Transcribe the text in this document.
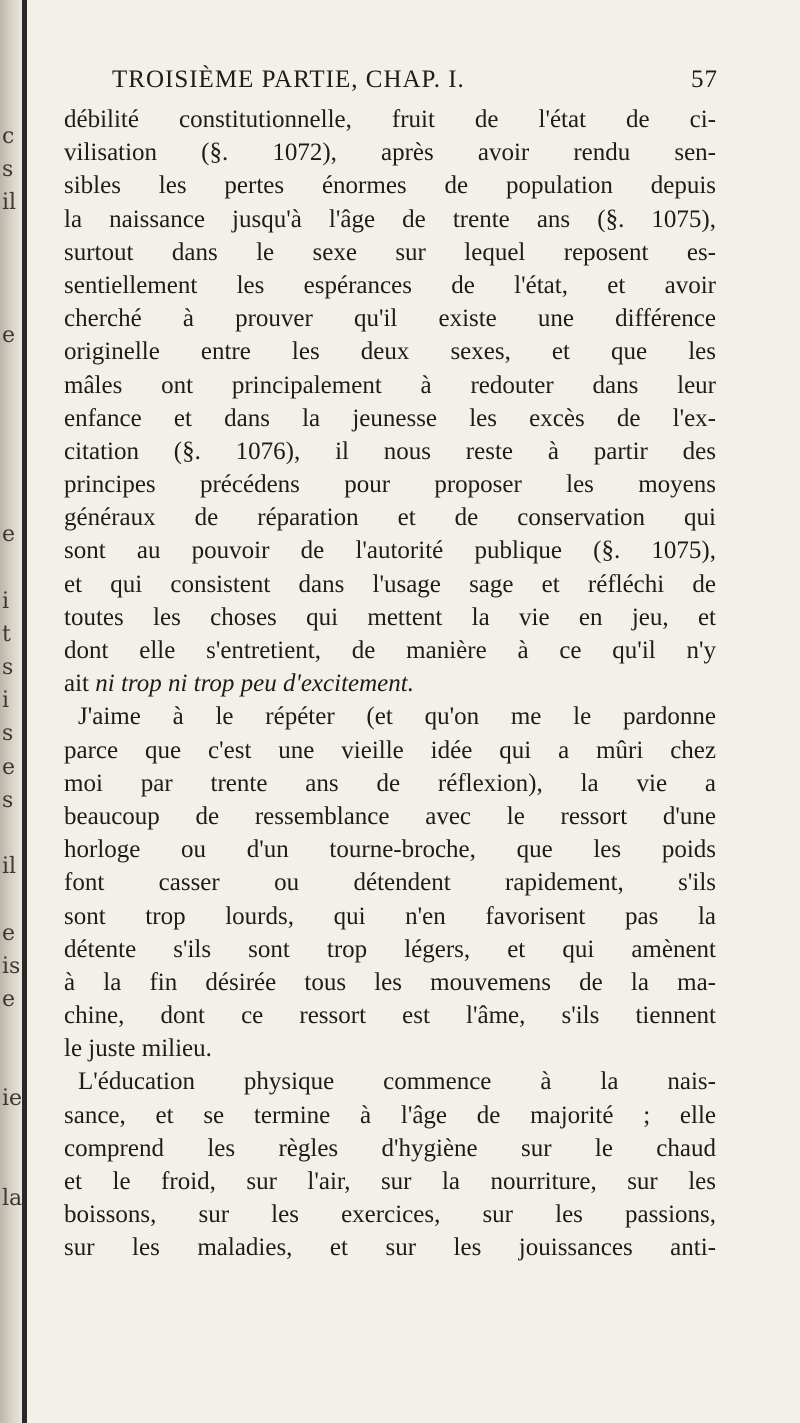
c
s
il
e
e
i
t
s
i
s
e
s
il
e
is
e
ie
la
TROISIÈME PARTIE, CHAP. I.	57
débilité constitutionnelle, fruit de l'état de ci-
vilisation (§. 1072), après avoir rendu sen-
sibles les pertes énormes de population depuis
la naissance jusqu'à l'âge de trente ans (§. 1075),
surtout dans le sexe sur lequel reposent es-
sentiellement les espérances de l'état, et avoir
cherché à prouver qu'il existe une différence
originelle entre les deux sexes, et que les
mâles ont principalement à redouter dans leur
enfance et dans la jeunesse les excès de l'ex-
citation (§. 1076), il nous reste à partir des
principes précédens pour proposer les moyens
généraux de réparation et de conservation qui
sont au pouvoir de l'autorité publique (§. 1075),
et qui consistent dans l'usage sage et réfléchi de
toutes les choses qui mettent la vie en jeu, et
dont elle s'entretient, de manière à ce qu'il n'y
ait ni trop ni trop peu d'excitement.
J'aime à le répéter (et qu'on me le pardonne
parce que c'est une vieille idée qui a mûri chez
moi par trente ans de réflexion), la vie a
beaucoup de ressemblance avec le ressort d'une
horloge ou d'un tourne-broche, que les poids
font casser ou détendent rapidement, s'ils
sont trop lourds, qui n'en favorisent pas la
détente s'ils sont trop légers, et qui amènent
à la fin désirée tous les mouvemens de la ma-
chine, dont ce ressort est l'âme, s'ils tiennent
le juste milieu.
L'éducation physique commence à la nais-
sance, et se termine à l'âge de majorité ; elle
comprend les règles d'hygiène sur le chaud
et le froid, sur l'air, sur la nourriture, sur les
boissons, sur les exercices, sur les passions,
sur les maladies, et sur les jouissances anti-
